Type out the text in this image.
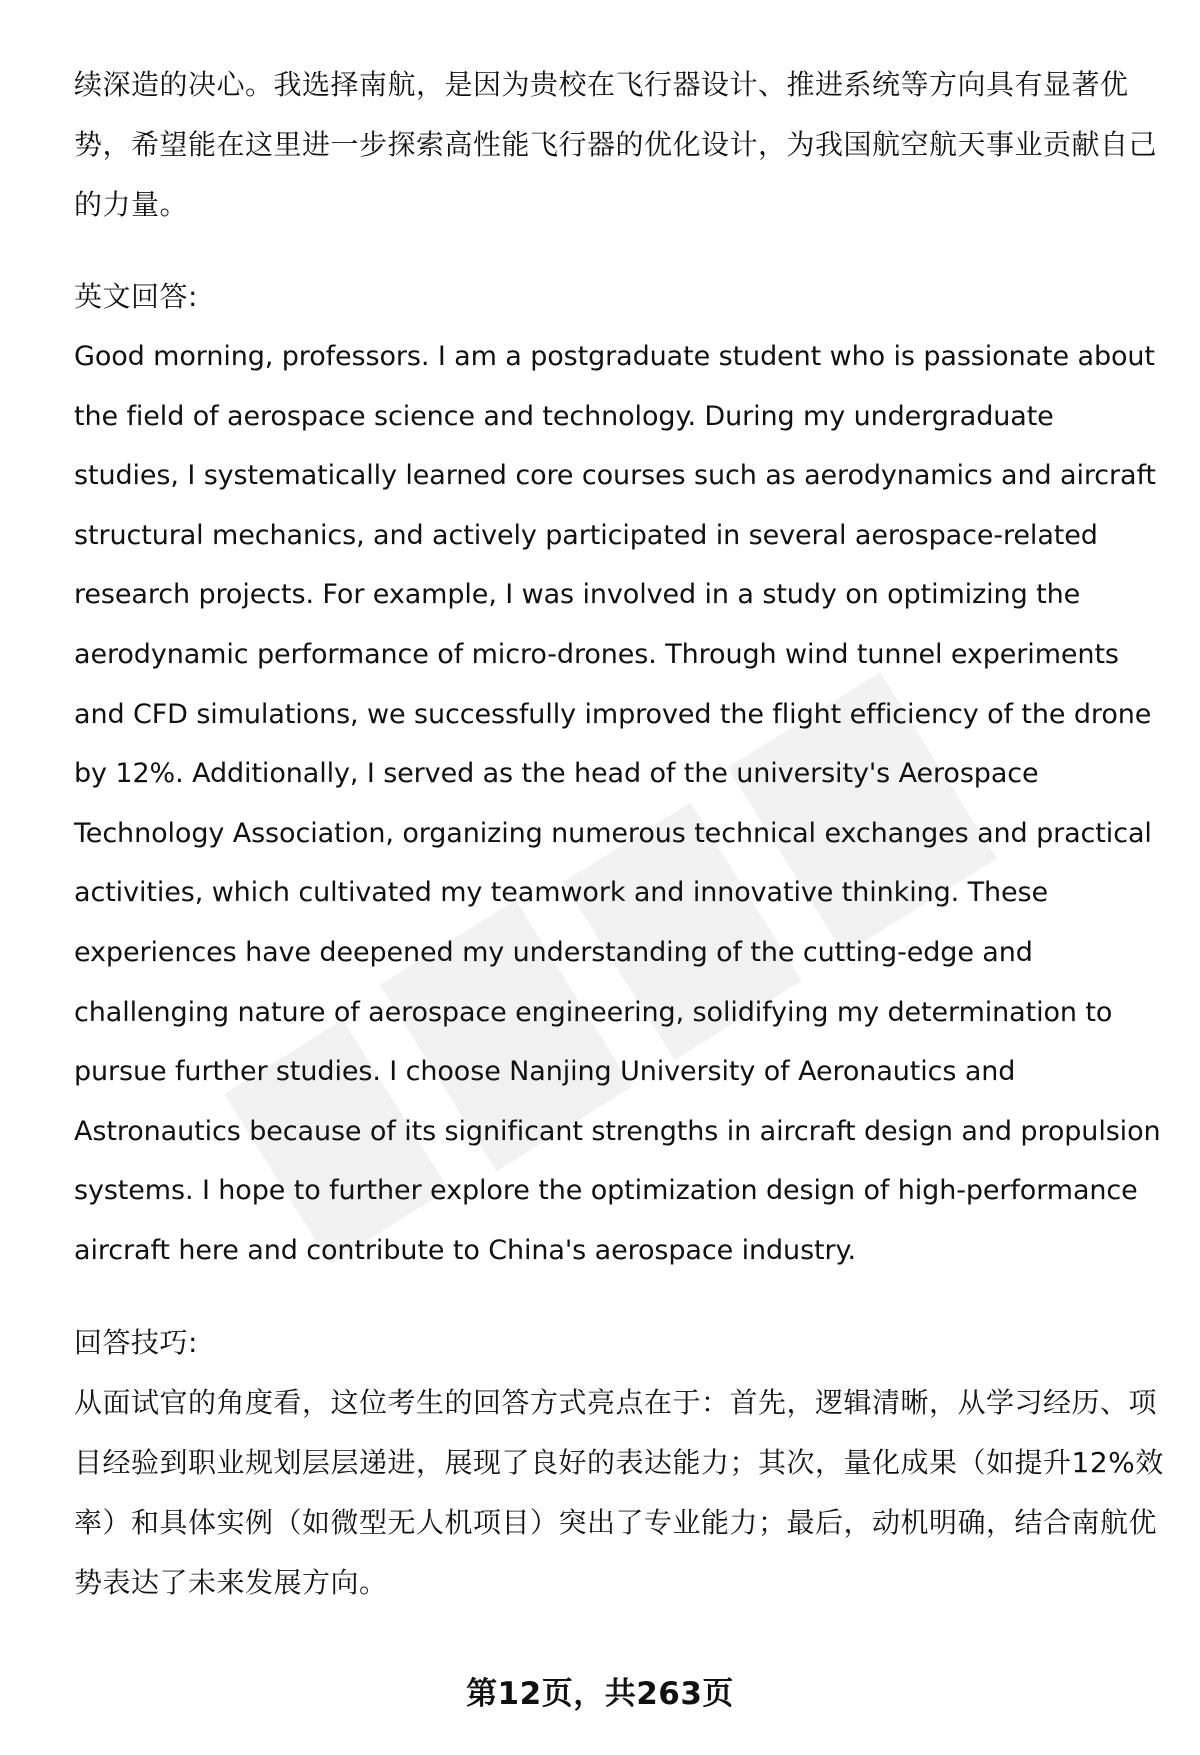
续深造的决心。我选择南航，是因为贵校在飞行器设计、推进系统等方向具有显著优势，希望能在这里进一步探索高性能飞行器的优化设计，为我国航空航天事业贡献自己的力量。

英文回答:

Good morning, professors. I am a postgraduate student who is passionate about the field of aerospace science and technology. During my undergraduate studies, I systematically learned core courses such as aerodynamics and aircraft structural mechanics, and actively participated in several aerospace-related research projects. For example, I was involved in a study on optimizing the aerodynamic performance of micro-drones. Through wind tunnel experiments and CFD simulations, we successfully improved the flight efficiency of the drone by 12%. Additionally, I served as the head of the university's Aerospace Technology Association, organizing numerous technical exchanges and practical activities, which cultivated my teamwork and innovative thinking. These experiences have deepened my understanding of the cutting-edge and challenging nature of aerospace engineering, solidifying my determination to pursue further studies. I choose Nanjing University of Aeronautics and Astronautics because of its significant strengths in aircraft design and propulsion systems. I hope to further explore the optimization design of high-performance aircraft here and contribute to China's aerospace industry.

回答技巧:

从面试官的角度看，这位考生的回答方式亮点在于：首先，逻辑清晰，从学习经历、项目经验到职业规划层层递进，展现了良好的表达能力；其次，量化成果（如提升12%效率）和具体实例（如微型无人机项目）突出了专业能力；最后，动机明确，结合南航优势表达了未来发展方向。

第12页，共263页
